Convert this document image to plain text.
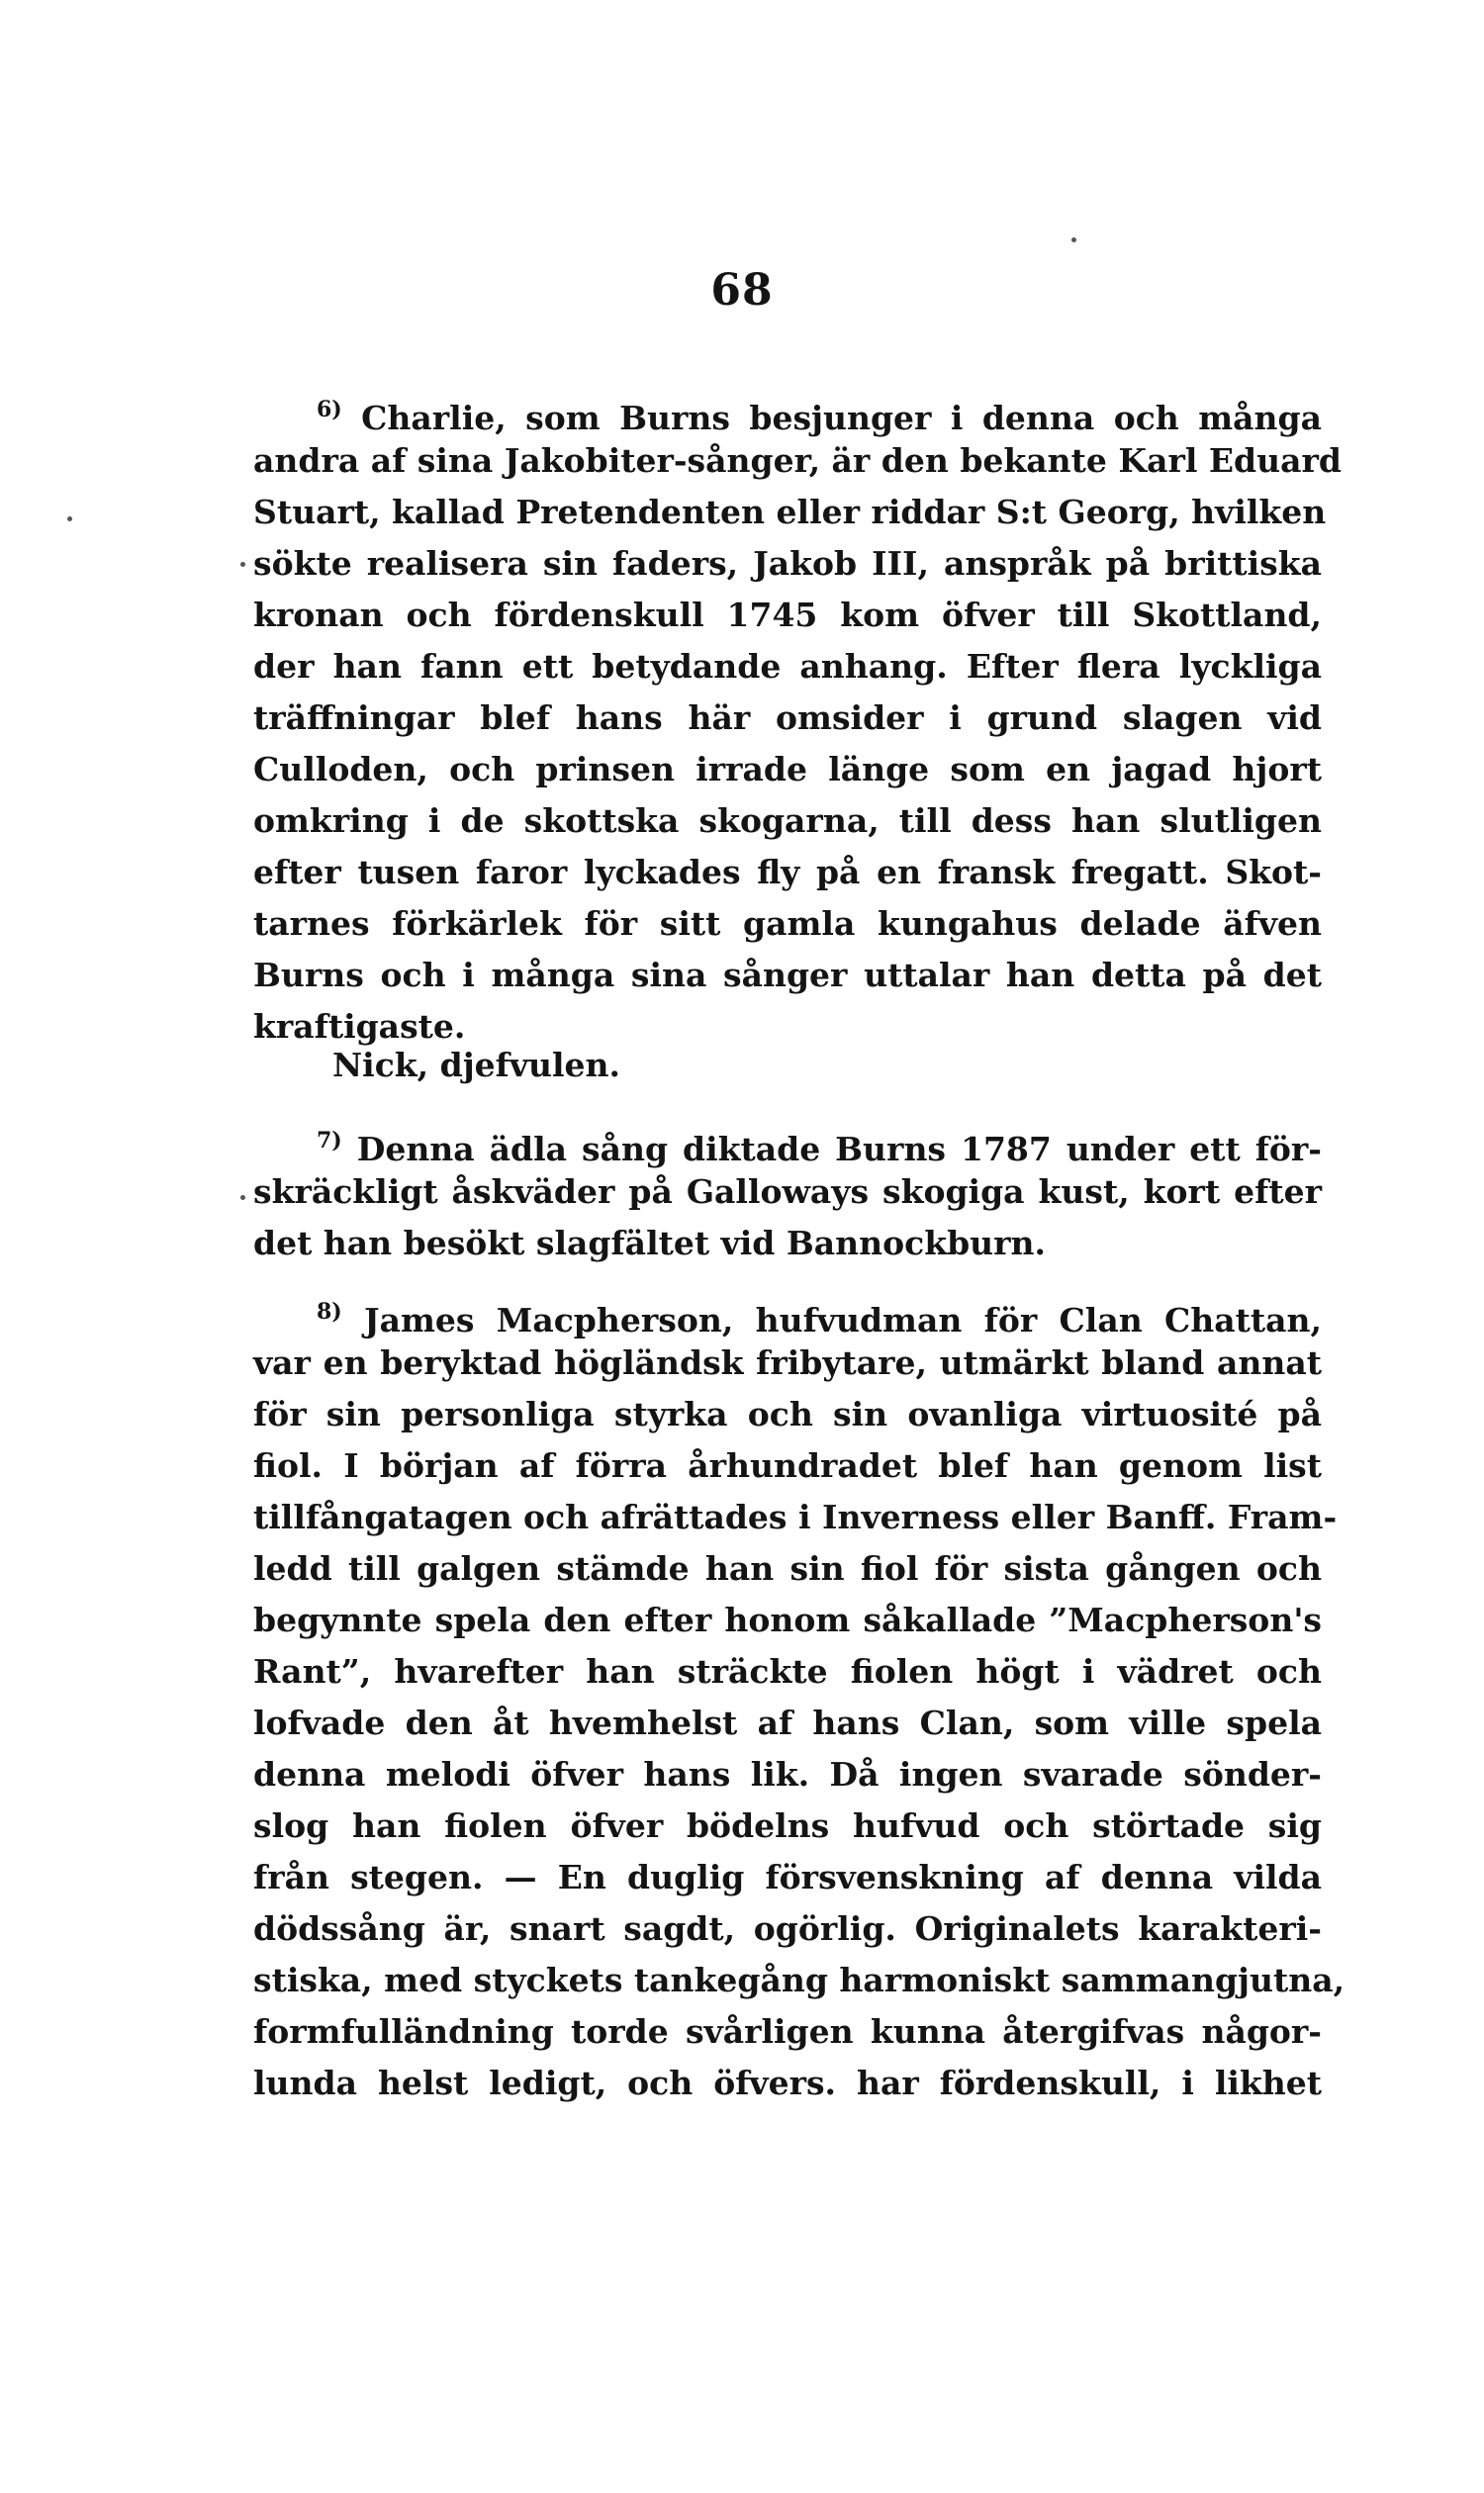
68
$^{6)}$ Charlie, som Burns besjunger i denna och många
andra af sina Jakobiter-sånger, är den bekante Karl Eduard
Stuart, kallad Pretendenten eller riddar S:t Georg, hvilken
sökte realisera sin faders, Jakob III, anspråk på brittiska
kronan och fördenskull 1745 kom öfver till Skottland,
der han fann ett betydande anhang. Efter flera lyckliga
träffningar blef hans här omsider i grund slagen vid
Culloden, och prinsen irrade länge som en jagad hjort
omkring i de skottska skogarna, till dess han slutligen
efter tusen faror lyckades fly på en fransk fregatt. Skot-
tarnes förkärlek för sitt gamla kungahus delade äfven
Burns och i många sina sånger uttalar han detta på det
kraftigaste.
Nick, djefvulen.
$^{7)}$ Denna ädla sång diktade Burns 1787 under ett för-
skräckligt åskväder på Galloways skogiga kust, kort efter
det han besökt slagfältet vid Bannockburn.
$^{8)}$ James Macpherson, hufvudman för Clan Chattan,
var en beryktad högländsk fribytare, utmärkt bland annat
för sin personliga styrka och sin ovanliga virtuosité på
fiol. I början af förra århundradet blef han genom list
tillfångatagen och afrättades i Inverness eller Banff. Fram-
ledd till galgen stämde han sin fiol för sista gången och
begynnte spela den efter honom såkallade ”Macpherson's
Rant”, hvarefter han sträckte fiolen högt i vädret och
lofvade den åt hvemhelst af hans Clan, som ville spela
denna melodi öfver hans lik. Då ingen svarade sönder-
slog han fiolen öfver bödelns hufvud och störtade sig
från stegen. — En duglig försvenskning af denna vilda
dödssång är, snart sagdt, ogörlig. Originalets karakteri-
stiska, med styckets tankegång harmoniskt sammangjutna,
formfulländning torde svårligen kunna återgifvas någor-
lunda helst ledigt, och öfvers. har fördenskull, i likhet
